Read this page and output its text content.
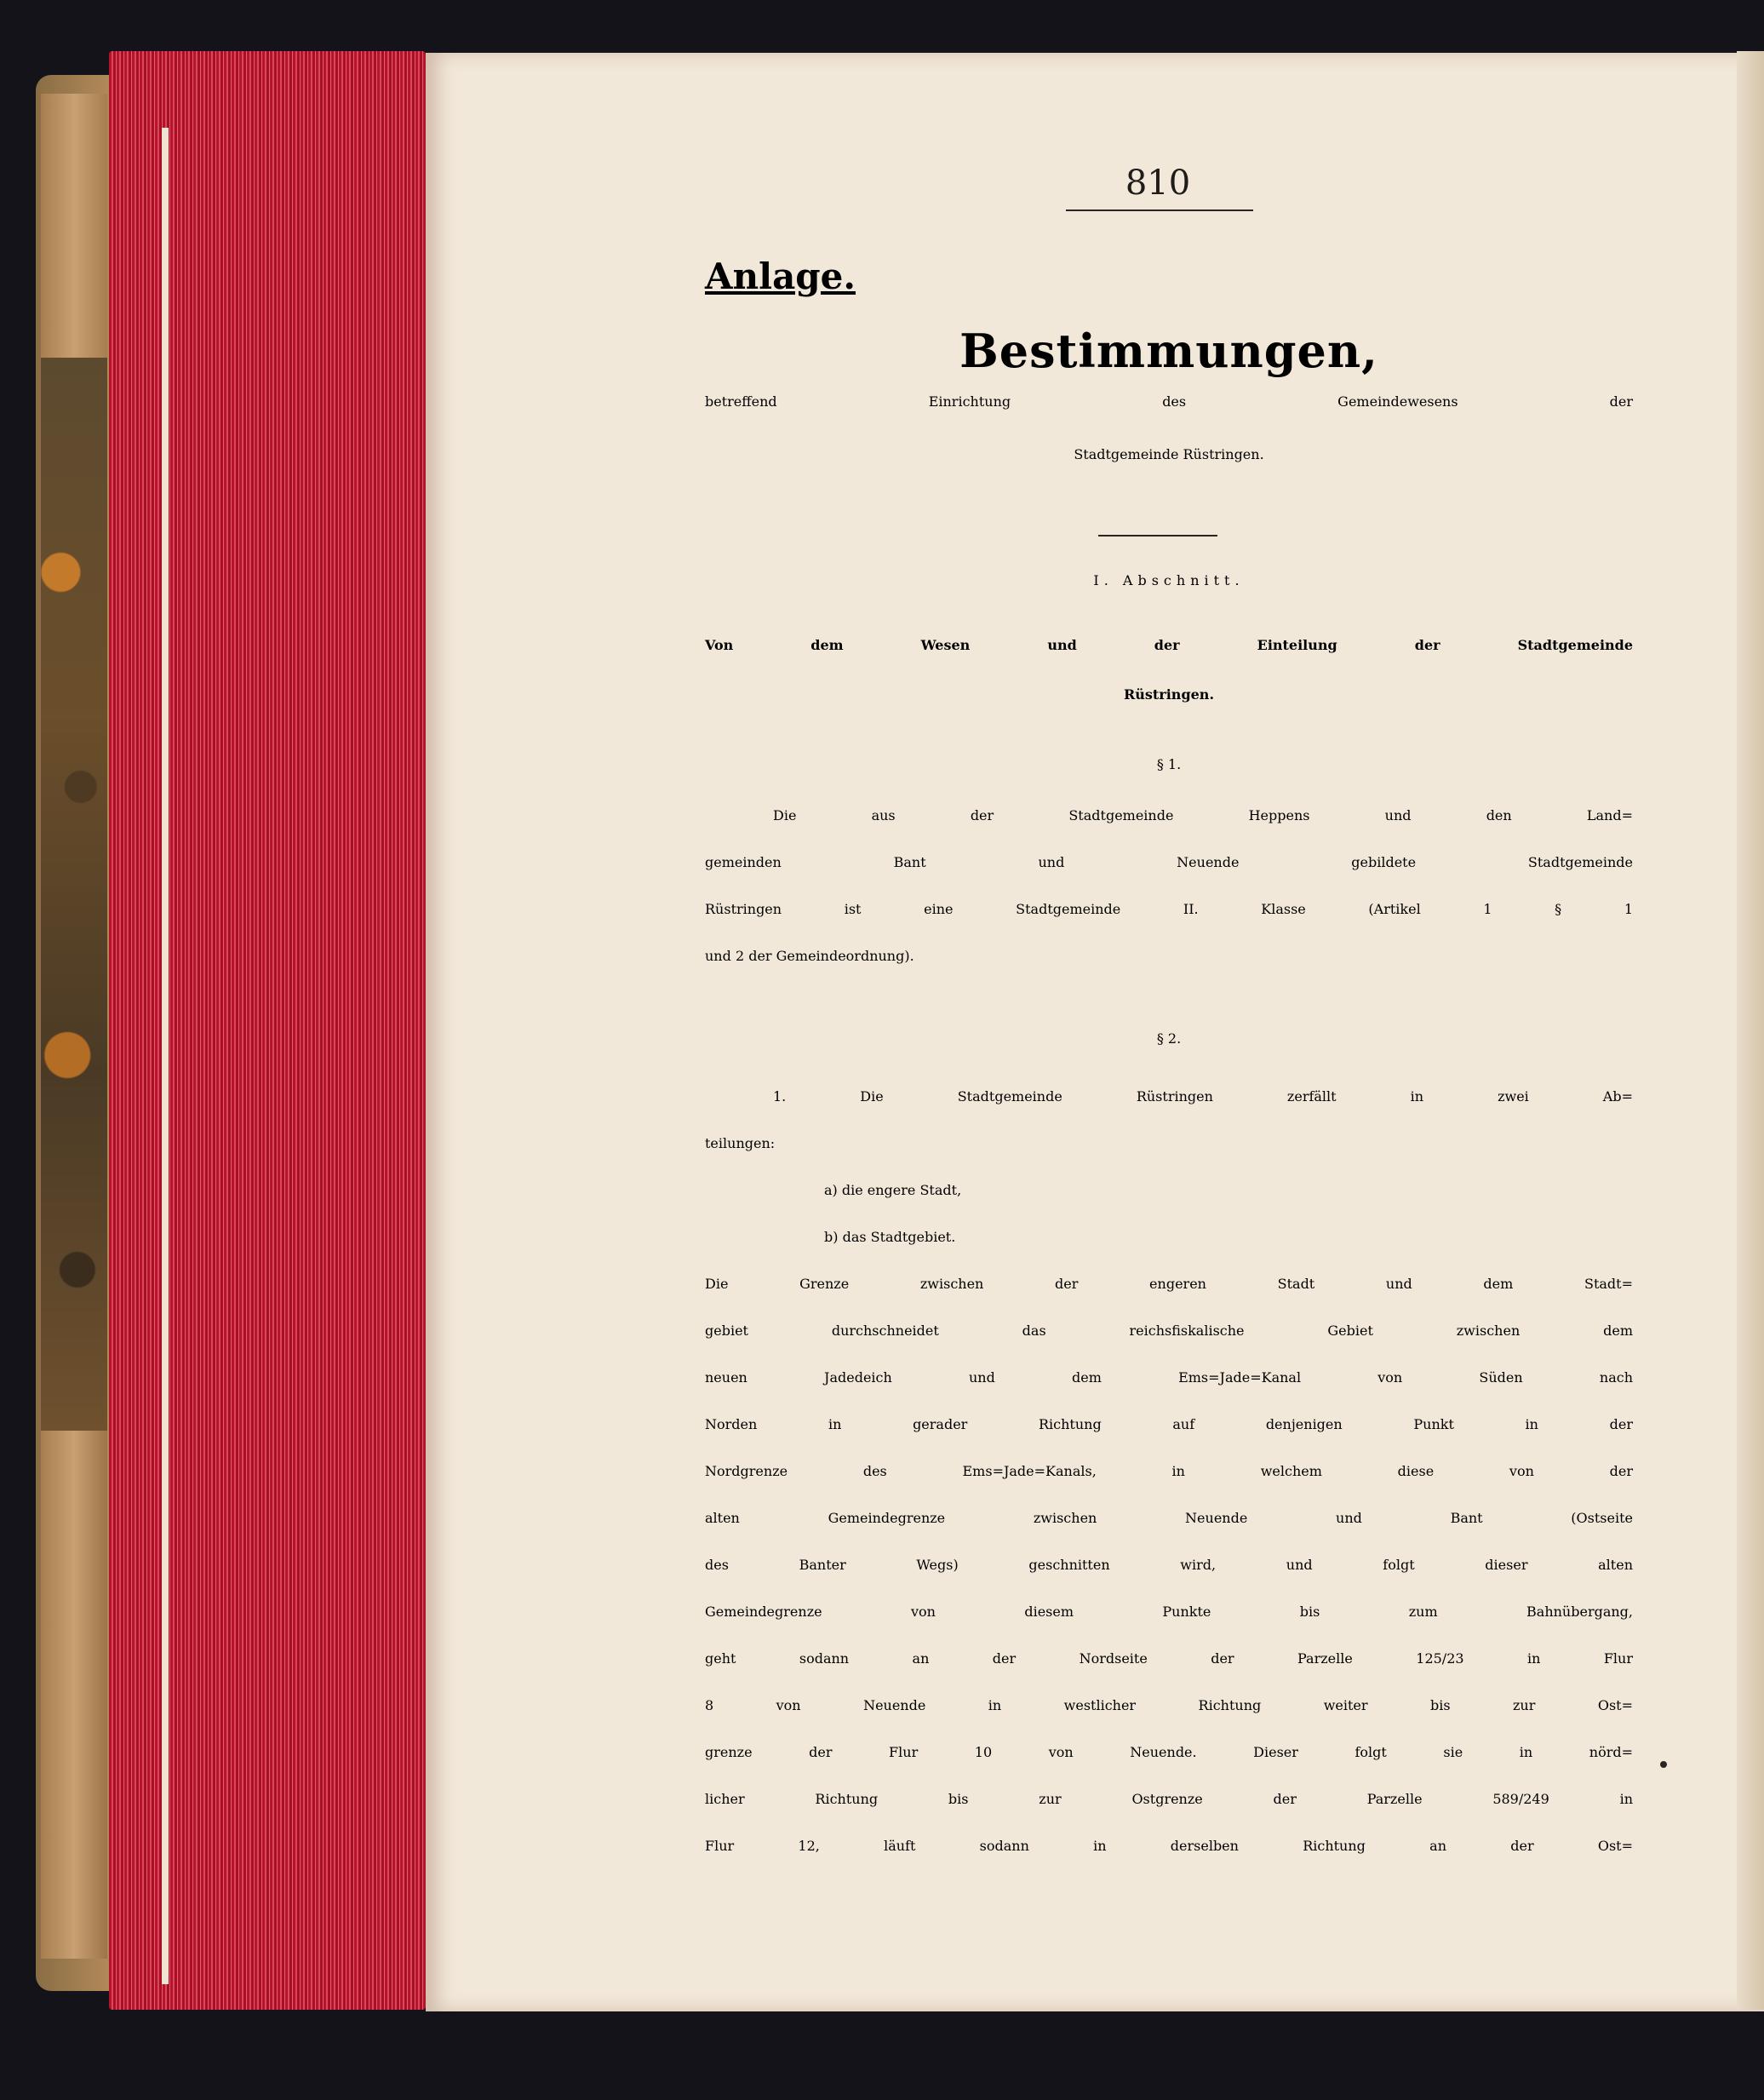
810
Anlage.
Bestimmungen,
betreffend	Einrichtung	des	Gemeindewesens	der
Stadtgemeinde Rüstringen.
I. Abschnitt.
Von	dem	Wesen	und	der	Einteilung	der	Stadtgemeinde
Rüstringen.
§ 1.
Die aus der Stadtgemeinde Heppens und den Land=
gemeinden Bant und Neuende gebildete Stadtgemeinde
Rüstringen ist eine Stadtgemeinde II. Klasse (Artikel 1 § 1
und 2 der Gemeindeordnung).
§ 2.
1. Die Stadtgemeinde Rüstringen zerfällt in zwei Ab=
teilungen:
a) die engere Stadt,
b) das Stadtgebiet.
Die Grenze zwischen der engeren Stadt und dem Stadt=
gebiet durchschneidet das reichsfiskalische Gebiet zwischen dem
neuen Jadedeich und dem Ems=Jade=Kanal von Süden nach
Norden in gerader Richtung auf denjenigen Punkt in der
Nordgrenze des Ems=Jade=Kanals, in welchem diese von der
alten Gemeindegrenze zwischen Neuende und Bant (Ostseite
des Banter Wegs) geschnitten wird, und folgt dieser alten
Gemeindegrenze von diesem Punkte bis zum Bahnübergang,
geht sodann an der Nordseite der Parzelle 125/23 in Flur
8 von Neuende in westlicher Richtung weiter bis zur Ost=
grenze der Flur 10 von Neuende. Dieser folgt sie in nörd=
licher Richtung bis zur Ostgrenze der Parzelle 589/249 in
Flur 12, läuft sodann in derselben Richtung an der Ost=
